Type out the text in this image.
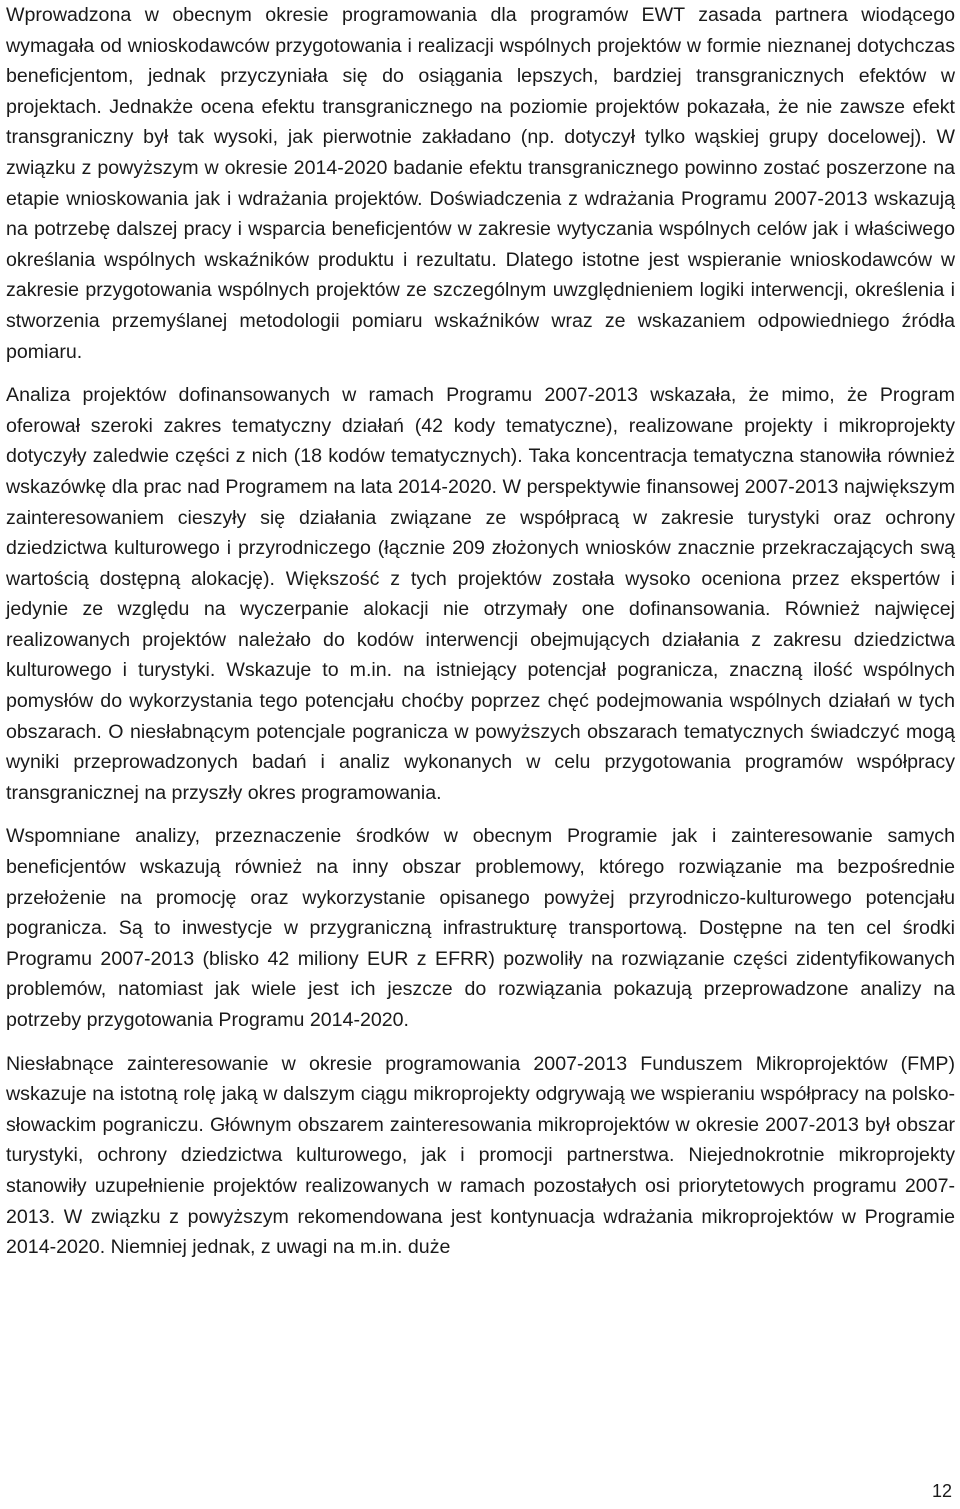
Wprowadzona w obecnym okresie programowania dla programów EWT zasada partnera wiodącego wymagała od wnioskodawców przygotowania i realizacji wspólnych projektów w formie nieznanej dotychczas beneficjentom, jednak przyczyniała się do osiągania lepszych, bardziej transgranicznych efektów w projektach. Jednakże ocena efektu transgranicznego na poziomie projektów pokazała, że nie zawsze efekt transgraniczny był tak wysoki, jak pierwotnie zakładano (np. dotyczył tylko wąskiej grupy docelowej). W związku z powyższym w okresie 2014-2020 badanie efektu transgranicznego powinno zostać poszerzone na etapie wnioskowania jak i wdrażania projektów. Doświadczenia z wdrażania Programu 2007-2013 wskazują na potrzebę dalszej pracy i wsparcia beneficjentów w zakresie wytyczania wspólnych celów jak i właściwego określania wspólnych wskaźników produktu i rezultatu. Dlatego istotne jest wspieranie wnioskodawców w zakresie przygotowania wspólnych projektów ze szczególnym uwzględnieniem logiki interwencji, określenia i stworzenia przemyślanej metodologii pomiaru wskaźników wraz ze wskazaniem odpowiedniego źródła pomiaru.

Analiza projektów dofinansowanych w ramach Programu 2007-2013 wskazała, że mimo, że Program oferował szeroki zakres tematyczny działań (42 kody tematyczne), realizowane projekty i mikroprojekty dotyczyły zaledwie części z nich (18 kodów tematycznych). Taka koncentracja tematyczna stanowiła również wskazówkę dla prac nad Programem na lata 2014-2020. W perspektywie finansowej 2007-2013 największym zainteresowaniem cieszyły się działania związane ze współpracą w zakresie turystyki oraz ochrony dziedzictwa kulturowego i przyrodniczego (łącznie 209 złożonych wniosków znacznie przekraczających swą wartością dostępną alokację). Większość z tych projektów została wysoko oceniona przez ekspertów i jedynie ze względu na wyczerpanie alokacji nie otrzymały one dofinansowania. Również najwięcej realizowanych projektów należało do kodów interwencji obejmujących działania z zakresu dziedzictwa kulturowego i turystyki. Wskazuje to m.in. na istniejący potencjał pogranicza, znaczną ilość wspólnych pomysłów do wykorzystania tego potencjału choćby poprzez chęć podejmowania wspólnych działań w tych obszarach. O niesłabnącym potencjale pogranicza w powyższych obszarach tematycznych świadczyć mogą wyniki przeprowadzonych badań i analiz wykonanych w celu przygotowania programów współpracy transgranicznej na przyszły okres programowania.

Wspomniane analizy, przeznaczenie środków w obecnym Programie jak i zainteresowanie samych beneficjentów wskazują również na inny obszar problemowy, którego rozwiązanie ma bezpośrednie przełożenie na promocję oraz wykorzystanie opisanego powyżej przyrodniczo-kulturowego potencjału pogranicza. Są to inwestycje w przygraniczną infrastrukturę transportową. Dostępne na ten cel środki Programu 2007-2013 (blisko 42 miliony EUR z EFRR) pozwoliły na rozwiązanie części zidentyfikowanych problemów, natomiast jak wiele jest ich jeszcze do rozwiązania pokazują przeprowadzone analizy na potrzeby przygotowania Programu 2014-2020.

Niesłabnące zainteresowanie w okresie programowania 2007-2013 Funduszem Mikroprojektów (FMP) wskazuje na istotną rolę jaką w dalszym ciągu mikroprojekty odgrywają we wspieraniu współpracy na polsko-słowackim pograniczu. Głównym obszarem zainteresowania mikroprojektów w okresie 2007-2013 był obszar turystyki, ochrony dziedzictwa kulturowego, jak i promocji partnerstwa. Niejednokrotnie mikroprojekty stanowiły uzupełnienie projektów realizowanych w ramach pozostałych osi priorytetowych programu 2007-2013. W związku z powyższym rekomendowana jest kontynuacja wdrażania mikroprojektów w Programie 2014-2020. Niemniej jednak, z uwagi na m.in. duże

12
